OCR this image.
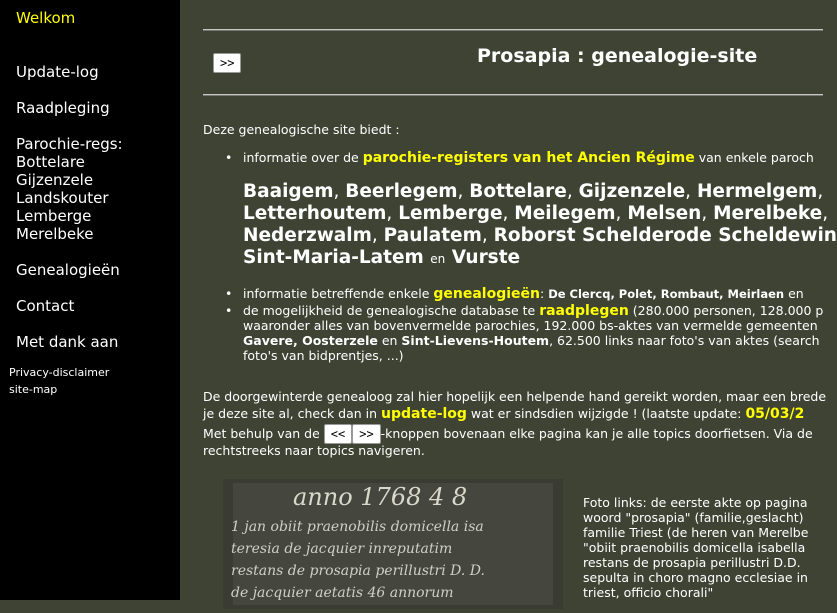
Welkom
Update-log
Raadpleging
Parochie-regs:
Bottelare
Gijzenzele
Landskouter
Lemberge
Merelbeke
Genealogieën
Contact
Met dank aan
Privacy-disclaimer
site-map
>>	Prosapia : genealogie-site
Deze genealogische site biedt :
• informatie over de parochie-registers van het Ancien Régime van enkele paroch
Baaigem, Beerlegem, Bottelare, Gijzenzele, Hermelgem,
Letterhoutem, Lemberge, Meilegem, Melsen, Merelbeke,
Nederzwalm, Paulatem, Roborst Schelderode Scheldewin
Sint-Maria-Latem en Vurste
• informatie betreffende enkele genealogieën: De Clercq, Polet, Rombaut, Meirlaen en
• de mogelijkheid de genealogische database te raadplegen (280.000 personen, 128.000 p
waaronder alles van bovenvermelde parochies, 192.000 bs-aktes van vermelde gemeenten
Gavere, Oosterzele en Sint-Lievens-Houtem, 62.500 links naar foto's van aktes (search
foto's van bidprentjes, ...)
De doorgewinterde genealoog zal hier hopelijk een helpende hand gereikt worden, maar een brede
je deze site al, check dan in update-log wat er sindsdien wijzigde ! (laatste update: 05/03/2
Met behulp van de << >> -knoppen bovenaan elke pagina kan je alle topics doorfietsen. Via de
rechtstreeks naar topics navigeren.
anno 1768 4 8
1 jan obiit praenobilis domicella isa
teresia de jacquier inreputatim
restans de prosapia perillustri D. D.
de jacquier aetatis 46 annorum
Foto links: de eerste akte op pagina
woord "prosapia" (familie,geslacht)
familie Triest (de heren van Merelbe
"obiit praenobilis domicella isabella
restans de prosapia perillustri D.D.
sepulta in choro magno ecclesiae in
triest, officio chorali"
